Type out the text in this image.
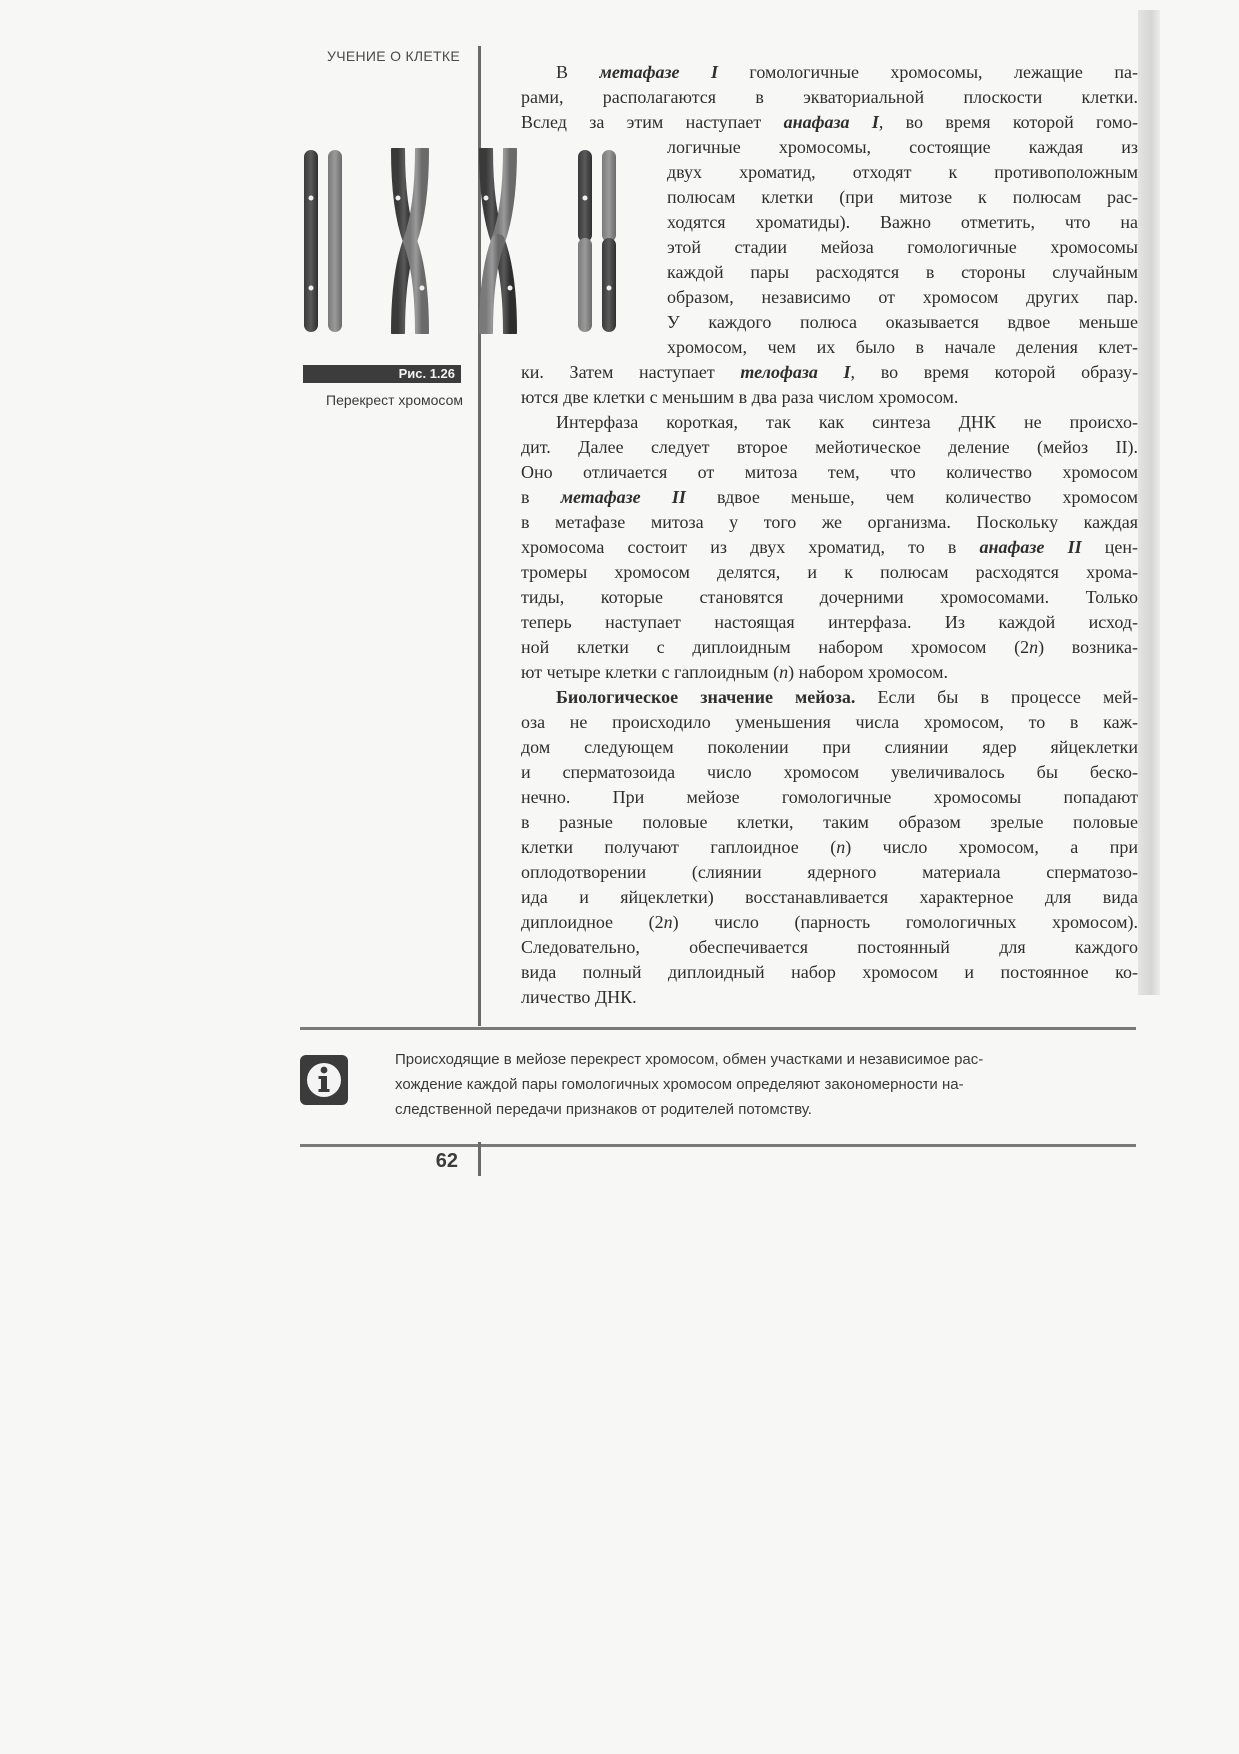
УЧЕНИЕ О КЛЕТКЕ
Рис. 1.26
Перекрест хромосом
В метафазе I гомологичные хромосомы, лежащие па-
рами, располагаются в экваториальной плоскости клетки.
Вслед за этим наступает анафаза I, во время которой гомо-
логичные хромосомы, состоящие каждая из
двух хроматид, отходят к противоположным
полюсам клетки (при митозе к полюсам рас-
ходятся хроматиды). Важно отметить, что на
этой стадии мейоза гомологичные хромосомы
каждой пары расходятся в стороны случайным
образом, независимо от хромосом других пар.
У каждого полюса оказывается вдвое меньше
хромосом, чем их было в начале деления клет-
ки. Затем наступает телофаза I, во время которой образу-
ются две клетки с меньшим в два раза числом хромосом.
Интерфаза короткая, так как синтеза ДНК не происхо-
дит. Далее следует второе мейотическое деление (мейоз II).
Оно отличается от митоза тем, что количество хромосом
в метафазе II вдвое меньше, чем количество хромосом
в метафазе митоза у того же организма. Поскольку каждая
хромосома состоит из двух хроматид, то в анафазе II цен-
тромеры хромосом делятся, и к полюсам расходятся хрома-
тиды, которые становятся дочерними хромосомами. Только
теперь наступает настоящая интерфаза. Из каждой исход-
ной клетки с диплоидным набором хромосом (2n) возника-
ют четыре клетки с гаплоидным (n) набором хромосом.
Биологическое значение мейоза. Если бы в процессе мей-
оза не происходило уменьшения числа хромосом, то в каж-
дом следующем поколении при слиянии ядер яйцеклетки
и сперматозоида число хромосом увеличивалось бы беско-
нечно. При мейозе гомологичные хромосомы попадают
в разные половые клетки, таким образом зрелые половые
клетки получают гаплоидное (n) число хромосом, а при
оплодотворении (слиянии ядерного материала сперматозо-
ида и яйцеклетки) восстанавливается характерное для вида
диплоидное (2n) число (парность гомологичных хромосом).
Следовательно, обеспечивается постоянный для каждого
вида полный диплоидный набор хромосом и постоянное ко-
личество ДНК.
Происходящие в мейозе перекрест хромосом, обмен участками и независимое рас-
хождение каждой пары гомологичных хромосом определяют закономерности на-
следственной передачи признаков от родителей потомству.
62
